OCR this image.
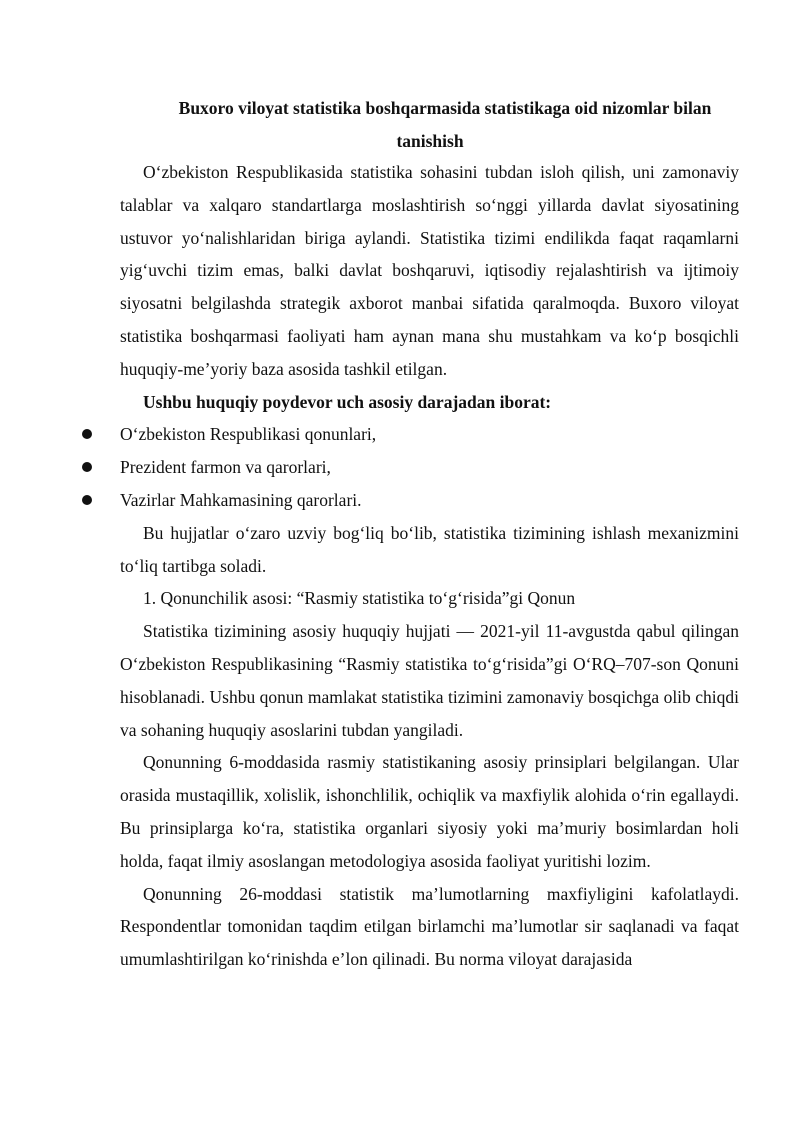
Buxoro viloyat statistika boshqarmasida statistikaga oid nizomlar bilan tanishish

O‘zbekiston Respublikasida statistika sohasini tubdan isloh qilish, uni zamonaviy talablar va xalqaro standartlarga moslashtirish so‘nggi yillarda davlat siyosatining ustuvor yo‘nalishlaridan biriga aylandi. Statistika tizimi endilikda faqat raqamlarni yig‘uvchi tizim emas, balki davlat boshqaruvi, iqtisodiy rejalashtirish va ijtimoiy siyosatni belgilashda strategik axborot manbai sifatida qaralmoqda. Buxoro viloyat statistika boshqarmasi faoliyati ham aynan mana shu mustahkam va ko‘p bosqichli huquqiy-me’yoriy baza asosida tashkil etilgan.

Ushbu huquqiy poydevor uch asosiy darajadan iborat:

O‘zbekiston Respublikasi qonunlari,
Prezident farmon va qarorlari,
Vazirlar Mahkamasining qarorlari.

Bu hujjatlar o‘zaro uzviy bog‘liq bo‘lib, statistika tizimining ishlash mexanizmini to‘liq tartibga soladi.

1. Qonunchilik asosi: “Rasmiy statistika to‘g‘risida”gi Qonun

Statistika tizimining asosiy huquqiy hujjati — 2021-yil 11-avgustda qabul qilingan O‘zbekiston Respublikasining “Rasmiy statistika to‘g‘risida”gi O‘RQ–707-son Qonuni hisoblanadi. Ushbu qonun mamlakat statistika tizimini zamonaviy bosqichga olib chiqdi va sohaning huquqiy asoslarini tubdan yangiladi.

Qonunning 6-moddasida rasmiy statistikaning asosiy prinsiplari belgilangan. Ular orasida mustaqillik, xolislik, ishonchlilik, ochiqlik va maxfiylik alohida o‘rin egallaydi. Bu prinsiplarga ko‘ra, statistika organlari siyosiy yoki ma’muriy bosimlardan holi holda, faqat ilmiy asoslangan metodologiya asosida faoliyat yuritishi lozim.

Qonunning 26-moddasi statistik ma’lumotlarning maxfiyligini kafolatlaydi. Respondentlar tomonidan taqdim etilgan birlamchi ma’lumotlar sir saqlanadi va faqat umumlashtirilgan ko‘rinishda e’lon qilinadi. Bu norma viloyat darajasida
